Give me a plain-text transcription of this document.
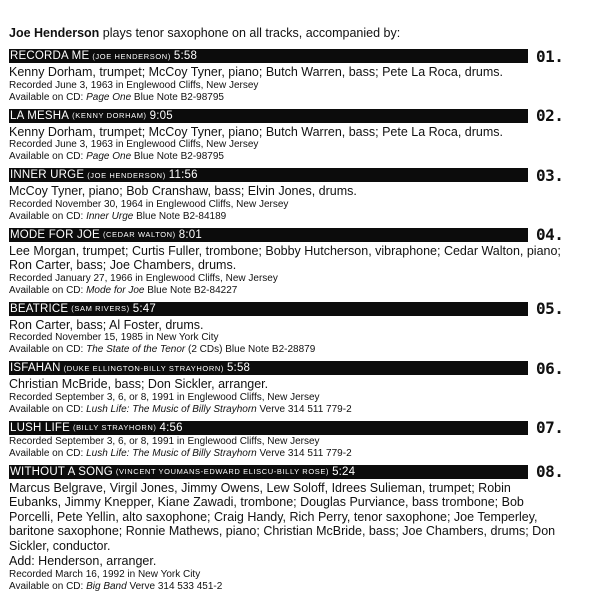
Joe Henderson plays tenor saxophone on all tracks, accompanied by:
RECORDA ME (JOE HENDERSON) 5:58	01.
Kenny Dorham, trumpet; McCoy Tyner, piano; Butch Warren, bass; Pete La Roca, drums.
Recorded June 3, 1963 in Englewood Cliffs, New Jersey
Available on CD: Page One Blue Note B2-98795
LA MESHA (KENNY DORHAM) 9:05	02.
Kenny Dorham, trumpet; McCoy Tyner, piano; Butch Warren, bass; Pete La Roca, drums.
Recorded June 3, 1963 in Englewood Cliffs, New Jersey
Available on CD: Page One Blue Note B2-98795
INNER URGE (JOE HENDERSON) 11:56	03.
McCoy Tyner, piano; Bob Cranshaw, bass; Elvin Jones, drums.
Recorded November 30, 1964 in Englewood Cliffs, New Jersey
Available on CD: Inner Urge Blue Note B2-84189
MODE FOR JOE (CEDAR WALTON) 8:01	04.
Lee Morgan, trumpet; Curtis Fuller, trombone; Bobby Hutcherson, vibraphone; Cedar Walton, piano; Ron Carter, bass; Joe Chambers, drums.
Recorded January 27, 1966 in Englewood Cliffs, New Jersey
Available on CD: Mode for Joe Blue Note B2-84227
BEATRICE (SAM RIVERS) 5:47	05.
Ron Carter, bass; Al Foster, drums.
Recorded November 15, 1985 in New York City
Available on CD: The State of the Tenor (2 CDs) Blue Note B2-28879
ISFAHAN (DUKE ELLINGTON-BILLY STRAYHORN) 5:58	06.
Christian McBride, bass; Don Sickler, arranger.
Recorded September 3, 6, or 8, 1991 in Englewood Cliffs, New Jersey
Available on CD: Lush Life: The Music of Billy Strayhorn Verve 314 511 779-2
LUSH LIFE (BILLY STRAYHORN) 4:56	07.
Recorded September 3, 6, or 8, 1991 in Englewood Cliffs, New Jersey
Available on CD: Lush Life: The Music of Billy Strayhorn Verve 314 511 779-2
WITHOUT A SONG (VINCENT YOUMANS-EDWARD ELISCU-BILLY ROSE) 5:24	08.
Marcus Belgrave, Virgil Jones, Jimmy Owens, Lew Soloff, Idrees Sulieman, trumpet; Robin Eubanks, Jimmy Knepper, Kiane Zawadi, trombone; Douglas Purviance, bass trombone; Bob Porcelli, Pete Yellin, alto saxophone; Craig Handy, Rich Perry, tenor saxophone; Joe Temperley, baritone saxophone; Ronnie Mathews, piano; Christian McBride, bass; Joe Chambers, drums; Don Sickler, conductor.
Add: Henderson, arranger.
Recorded March 16, 1992 in New York City
Available on CD: Big Band Verve 314 533 451-2
